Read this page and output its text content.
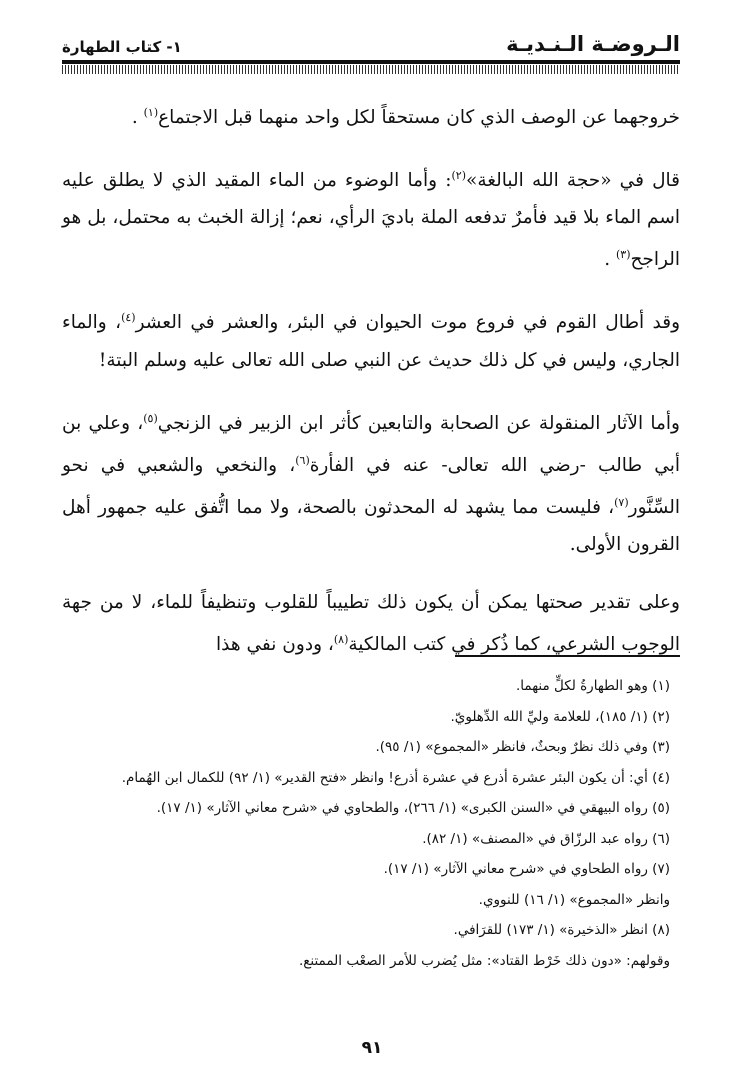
الـروضـة الـنـديـة
١- كتاب الطهارة

خروجهما عن الوصف الذي كان مستحقاً لكل واحد منهما قبل الاجتماع$^{(١)}$ .

قال في «حجة الله البالغة»$^{(٢)}$: وأما الوضوء من الماء المقيد الذي لا يطلق عليه اسم الماء بلا قيد فأمرٌ تدفعه الملة باديَ الرأي، نعم؛ إزالة الخبث به محتمل، بل هو الراجح$^{(٣)}$ .

وقد أطال القوم في فروع موت الحيوان في البئر، والعشر في العشر$^{(٤)}$، والماء الجاري، وليس في كل ذلك حديث عن النبي صلى الله تعالى عليه وسلم البتة!

وأما الآثار المنقولة عن الصحابة والتابعين كأثر ابن الزبير في الزنجي$^{(٥)}$، وعلي بن أبي طالب -رضي الله تعالى- عنه في الفأرة$^{(٦)}$، والنخعي والشعبي في نحو السِّنَّور$^{(٧)}$، فليست مما يشهد له المحدثون بالصحة، ولا مما اتُّفق عليه جمهور أهل القرون الأولى.

وعلى تقدير صحتها يمكن أن يكون ذلك تطييباً للقلوب وتنظيفاً للماء، لا من جهة الوجوب الشرعي، كما ذُكر في كتب المالكية$^{(٨)}$، ودون نفي هذا

(١) وهو الطهارةُ لكلٍّ منهما.
(٢) (١/ ١٨٥)، للعلامة وليِّ الله الدِّهلويّ.
(٣) وفي ذلك نظرٌ وبحثٌ، فانظر «المجموع» (١/ ٩٥).
(٤) أي: أن يكون البئر عشرة أذرع في عشرة أذرع! وانظر «فتح القدير» (١/ ٩٢) للكمال ابن الهُمام.
(٥) رواه البيهقي في «السنن الكبرى» (١/ ٢٦٦)، والطحاوي في «شرح معاني الآثار» (١/ ١٧).
(٦) رواه عبد الرزّاق في «المصنف» (١/ ٨٢).
(٧) رواه الطحاوي في «شرح معاني الآثار» (١/ ١٧).
وانظر «المجموع» (١/ ١٦) للنووي.
(٨) انظر «الذخيرة» (١/ ١٧٣) للقرَافي.
وقولهم: «دون ذلك خَرْط القتاد»: مثل يُضرب للأمر الصعْب الممتنع.
٩١
